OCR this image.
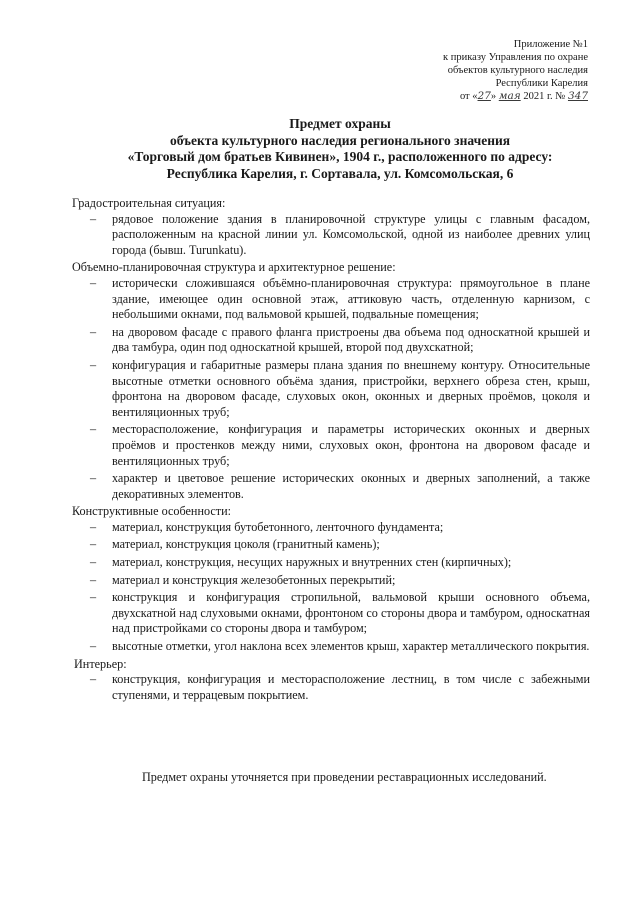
Приложение №1
к приказу Управления по охране
объектов культурного наследия
Республики Карелия
от «27» мая 2021 г. № 347
Предмет охраны
объекта культурного наследия регионального значения
«Торговый дом братьев Кивинен», 1904 г., расположенного по адресу:
Республика Карелия, г. Сортавала, ул. Комсомольская, 6

Градостроительная ситуация:

– рядовое положение здания в планировочной структуре улицы с главным фасадом, расположенным на красной линии ул. Комсомольской, одной из наиболее древних улиц города (бывш. Turunkatu).

Объемно-планировочная структура и архитектурное решение:

– исторически сложившаяся объёмно-планировочная структура: прямоугольное в плане здание, имеющее один основной этаж, аттиковую часть, отделенную карнизом, с небольшими окнами, под вальмовой крышей, подвальные помещения;
– на дворовом фасаде с правого фланга пристроены два объема под односкатной крышей и два тамбура, один под односкатной крышей, второй под двухскатной;
– конфигурация и габаритные размеры плана здания по внешнему контуру. Относительные высотные отметки основного объёма здания, пристройки, верхнего обреза стен, крыш, фронтона на дворовом фасаде, слуховых окон, оконных и дверных проёмов, цоколя и вентиляционных труб;
– месторасположение, конфигурация и параметры исторических оконных и дверных проёмов и простенков между ними, слуховых окон, фронтона на дворовом фасаде и вентиляционных труб;
– характер и цветовое решение исторических оконных и дверных заполнений, а также декоративных элементов.

Конструктивные особенности:

– материал, конструкция бутобетонного, ленточного фундамента;
– материал, конструкция цоколя (гранитный камень);
– материал, конструкция, несущих наружных и внутренних стен (кирпичных);
– материал и конструкция железобетонных перекрытий;
– конструкция и конфигурация стропильной, вальмовой крыши основного объема, двухскатной над слуховыми окнами, фронтоном со стороны двора и тамбуром, односкатная над пристройками со стороны двора и тамбуром;
– высотные отметки, угол наклона всех элементов крыш, характер металлического покрытия.

Интерьер:

– конструкция, конфигурация и месторасположение лестниц, в том числе с забежными ступенями, и террацевым покрытием.
Предмет охраны уточняется при проведении реставрационных исследований.
